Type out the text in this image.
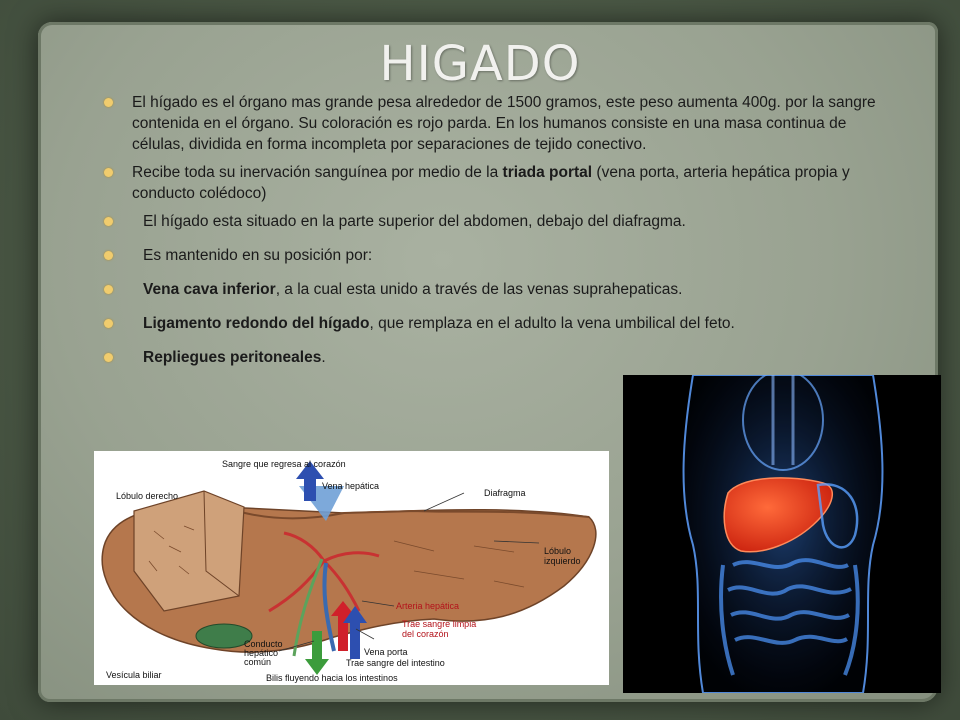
HIGADO
El hígado es el órgano mas grande pesa alrededor de 1500 gramos, este peso aumenta 400g. por la sangre contenida en el órgano. Su coloración es rojo parda. En los humanos consiste en una masa continua de células, dividida en forma incompleta por separaciones de tejido conectivo.
Recibe toda su inervación sanguínea por medio de la triada portal (vena porta, arteria hepática propia y conducto colédoco)
El hígado esta situado en la parte superior del abdomen, debajo del diafragma.
Es mantenido en su posición por:
Vena cava inferior, a la cual esta unido a través de las venas suprahepaticas.
Ligamento redondo del hígado, que remplaza en el adulto la vena umbilical del feto.
Repliegues peritoneales.
Sangre que regresa al corazón
Vena hepática
Lóbulo derecho	Diafragma
Lóbulo
izquierdo
Arteria hepática
Trae sangre limpia
del corazón
Conducto
hepático
común
Vena porta
Trae sangre del intestino
Vesícula biliar	Bilis fluyendo hacia los intestinos
